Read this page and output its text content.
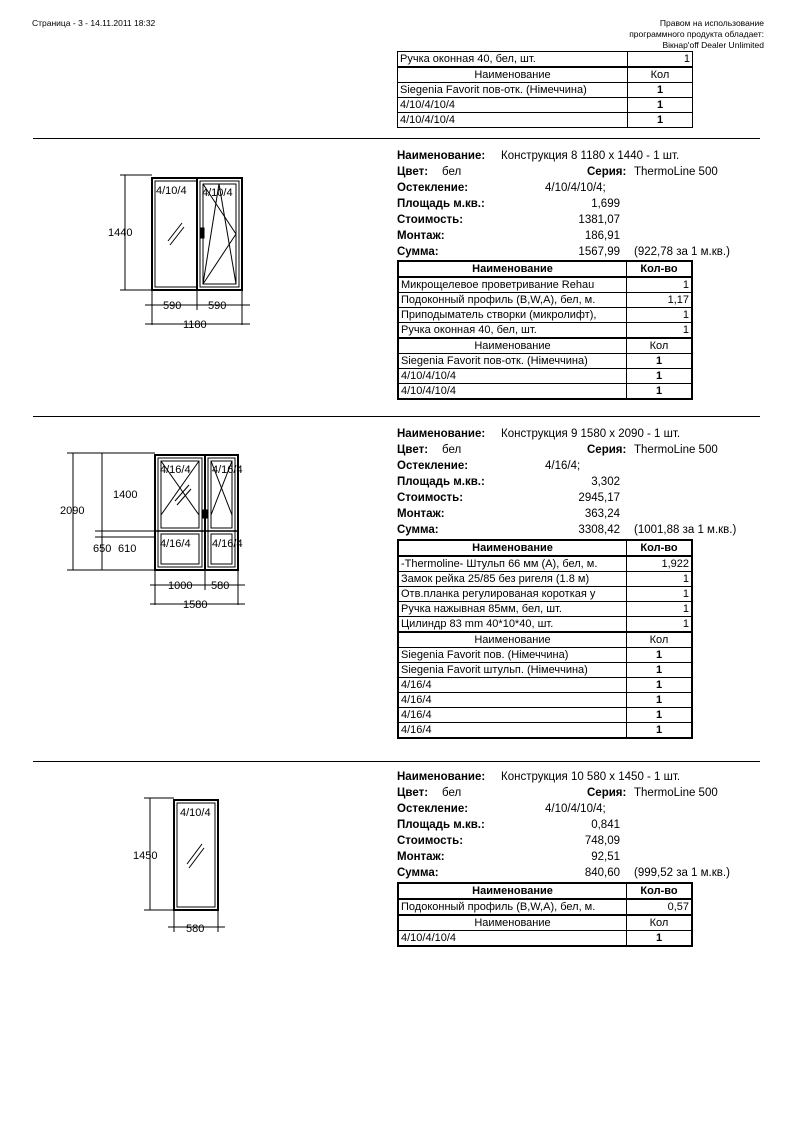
Страница - 3 - 14.11.2011 18:32	Правом на использование
программного продукта обладает:
Вікнар'off Dealer Unlimited
Ручка оконная 40, бел, шт.	1
Наименование	Кол
Siegenia Favorit пов-отк. (Німеччина)	1
4/10/4/10/4	1
4/10/4/10/4	1
1440
4/10/4 4/10/4
590 590
1180
Наименование: Конструкция 8 1180 x 1440 - 1 шт.
Цвет: бел	Серия: ThermoLine 500
Остекление:	4/10/4/10/4;
Площадь м.кв.:	1,699
Стоимость:	1381,07
Монтаж:	186,91
Сумма:	1567,99 (922,78 за 1 м.кв.)
Наименование	Кол-во
Микрощелевое проветривание Rehau	1
Подоконный профиль (B,W,A), бел, м.	1,17
Приподыматель створки (микролифт),	1
Ручка оконная 40, бел, шт.	1
Наименование	Кол
Siegenia Favorit пов-отк. (Німеччина)	1
4/10/4/10/4	1
4/10/4/10/4	1
2090
1400
610
650
4/16/4 4/16/4
4/16/4 4/16/4
1000 580
1580
Наименование: Конструкция 9 1580 x 2090 - 1 шт.
Цвет: бел	Серия: ThermoLine 500
Остекление:	4/16/4;
Площадь м.кв.:	3,302
Стоимость:	2945,17
Монтаж:	363,24
Сумма:	3308,42 (1001,88 за 1 м.кв.)
Наименование	Кол-во
-Thermoline- Штульп 66 мм (А), бел, м.	1,922
Замок рейка 25/85 без ригеля (1.8 м)	1
Отв.планка регулированая короткая у	1
Ручка нажывная 85мм, бел, шт.	1
Цилиндр 83 mm 40*10*40, шт.	1
Наименование	Кол
Siegenia Favorit пов. (Німеччина)	1
Siegenia Favorit штульп. (Німеччина)	1
4/16/4	1
4/16/4	1
4/16/4	1
4/16/4	1
1450
4/10/4
580
Наименование: Конструкция 10 580 x 1450 - 1 шт.
Цвет: бел	Серия: ThermoLine 500
Остекление:	4/10/4/10/4;
Площадь м.кв.:	0,841
Стоимость:	748,09
Монтаж:	92,51
Сумма:	840,60 (999,52 за 1 м.кв.)
Наименование	Кол-во
Подоконный профиль (B,W,A), бел, м.	0,57
Наименование	Кол
4/10/4/10/4	1
